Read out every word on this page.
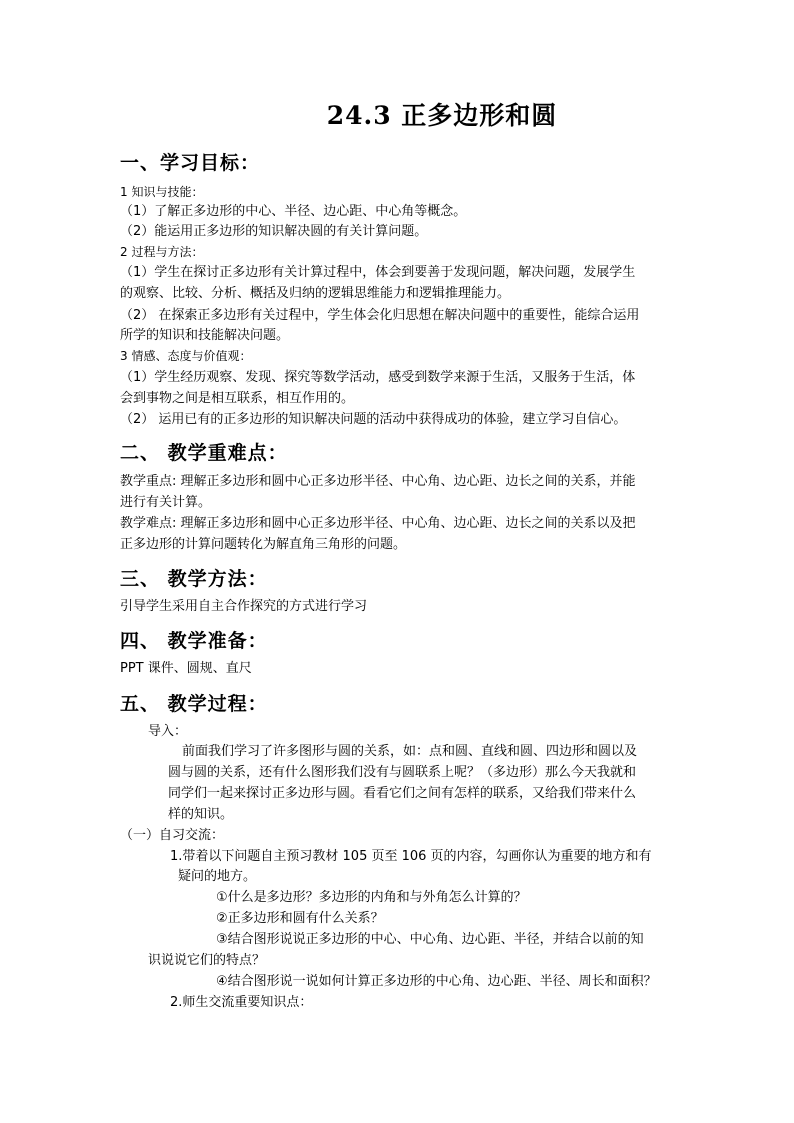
24.3 正多边形和圆
一、学习目标：
1 知识与技能：
（1）了解正多边形的中心、半径、边心距、中心角等概念。
（2）能运用正多边形的知识解决圆的有关计算问题。
2 过程与方法：
（1）学生在探讨正多边形有关计算过程中，体会到要善于发现问题，解决问题，发展学生
的观察、比较、分析、概括及归纳的逻辑思维能力和逻辑推理能力。
（2） 在探索正多边形有关过程中，学生体会化归思想在解决问题中的重要性，能综合运用
所学的知识和技能解决问题。
3 情感、态度与价值观：
（1）学生经历观察、发现、探究等数学活动，感受到数学来源于生活，又服务于生活，体
会到事物之间是相互联系，相互作用的。
（2） 运用已有的正多边形的知识解决问题的活动中获得成功的体验，建立学习自信心。
二、 教学重难点：
教学重点: 理解正多边形和圆中心正多边形半径、中心角、边心距、边长之间的关系，并能
进行有关计算。
教学难点: 理解正多边形和圆中心正多边形半径、中心角、边心距、边长之间的关系以及把
正多边形的计算问题转化为解直角三角形的问题。
三、 教学方法：
引导学生采用自主合作探究的方式进行学习
四、 教学准备：
PPT 课件、圆规、直尺
五、 教学过程：
导入：
前面我们学习了许多图形与圆的关系，如：点和圆、直线和圆、四边形和圆以及
圆与圆的关系，还有什么图形我们没有与圆联系上呢？（多边形）那么今天我就和
同学们一起来探讨正多边形与圆。看看它们之间有怎样的联系，又给我们带来什么
样的知识。
（一）自习交流：
1.带着以下问题自主预习教材 105 页至 106 页的内容，勾画你认为重要的地方和有
疑问的地方。
①什么是多边形？多边形的内角和与外角怎么计算的？
②正多边形和圆有什么关系？
③结合图形说说正多边形的中心、中心角、边心距、半径，并结合以前的知
识说说它们的特点？
④结合图形说一说如何计算正多边形的中心角、边心距、半径、周长和面积？
2.师生交流重要知识点：
